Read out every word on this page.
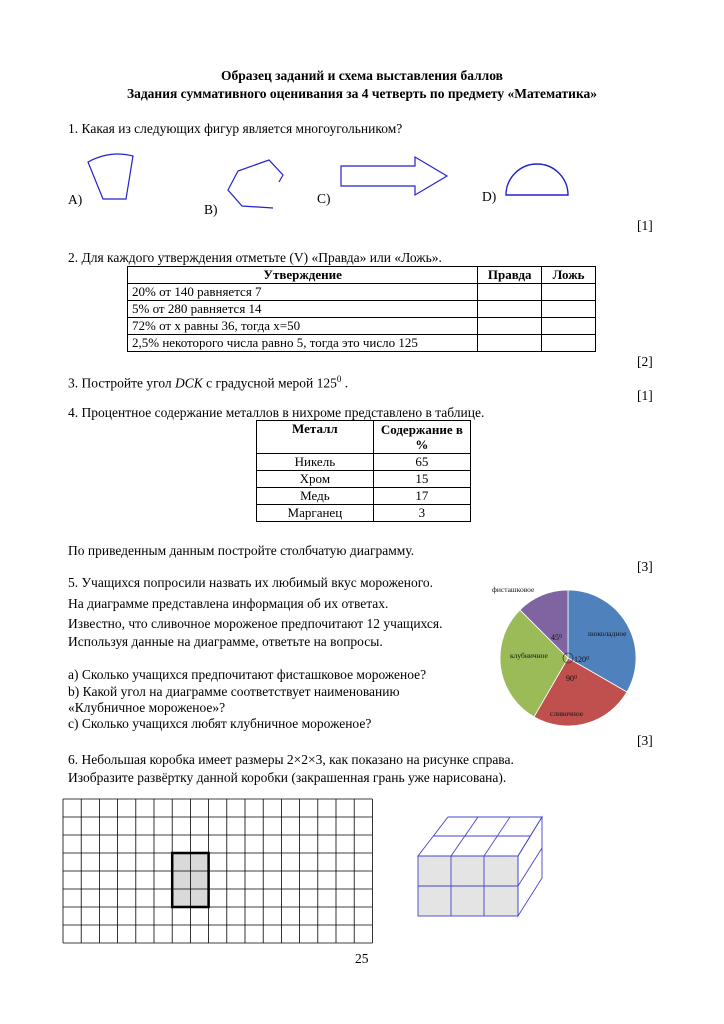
Образец заданий и схема выставления баллов
Задания суммативного оценивания за 4 четверть по предмету «Математика»
1. Какая из следующих фигур является многоугольником?
A)
B)
C)	D)
[1]
2. Для каждого утверждения отметьте (V) «Правда» или «Ложь».
Утверждение	Правда	Ложь
20% от 140 равняется 7		
5% от 280 равняется 14		
72% от x равны 36, тогда x=50		
2,5% некоторого числа равно 5, тогда это число 125		
[2]
3. Постройте угол DCK с градусной мерой $125^0$ .
[1]
4. Процентное содержание металлов в нихроме представлено в таблице.
Металл	Содержание в %
Никель	65
Хром	15
Медь	17
Марганец	3
По приведенным данным постройте столбчатую диаграмму.
[3]
5. Учащихся попросили назвать их любимый вкус мороженого.
На диаграмме представлена информация об их ответах.
Известно, что сливочное мороженое предпочитают 12 учащихся.
Используя данные на диаграмме, ответьте на вопросы.
a) Сколько учащихся предпочитают фисташковое мороженое?
b) Какой угол на диаграмме соответствует наименованию
«Клубничное мороженое»?
c) Сколько учащихся любят клубничное мороженое?
[3]
шоколадное
120⁰
сливочное
90⁰
клубничное
фисташковое
45⁰
6. Небольшая коробка имеет размеры 2×2×3, как показано на рисунке справа.
Изобразите развёртку данной коробки (закрашенная грань уже нарисована).
25
